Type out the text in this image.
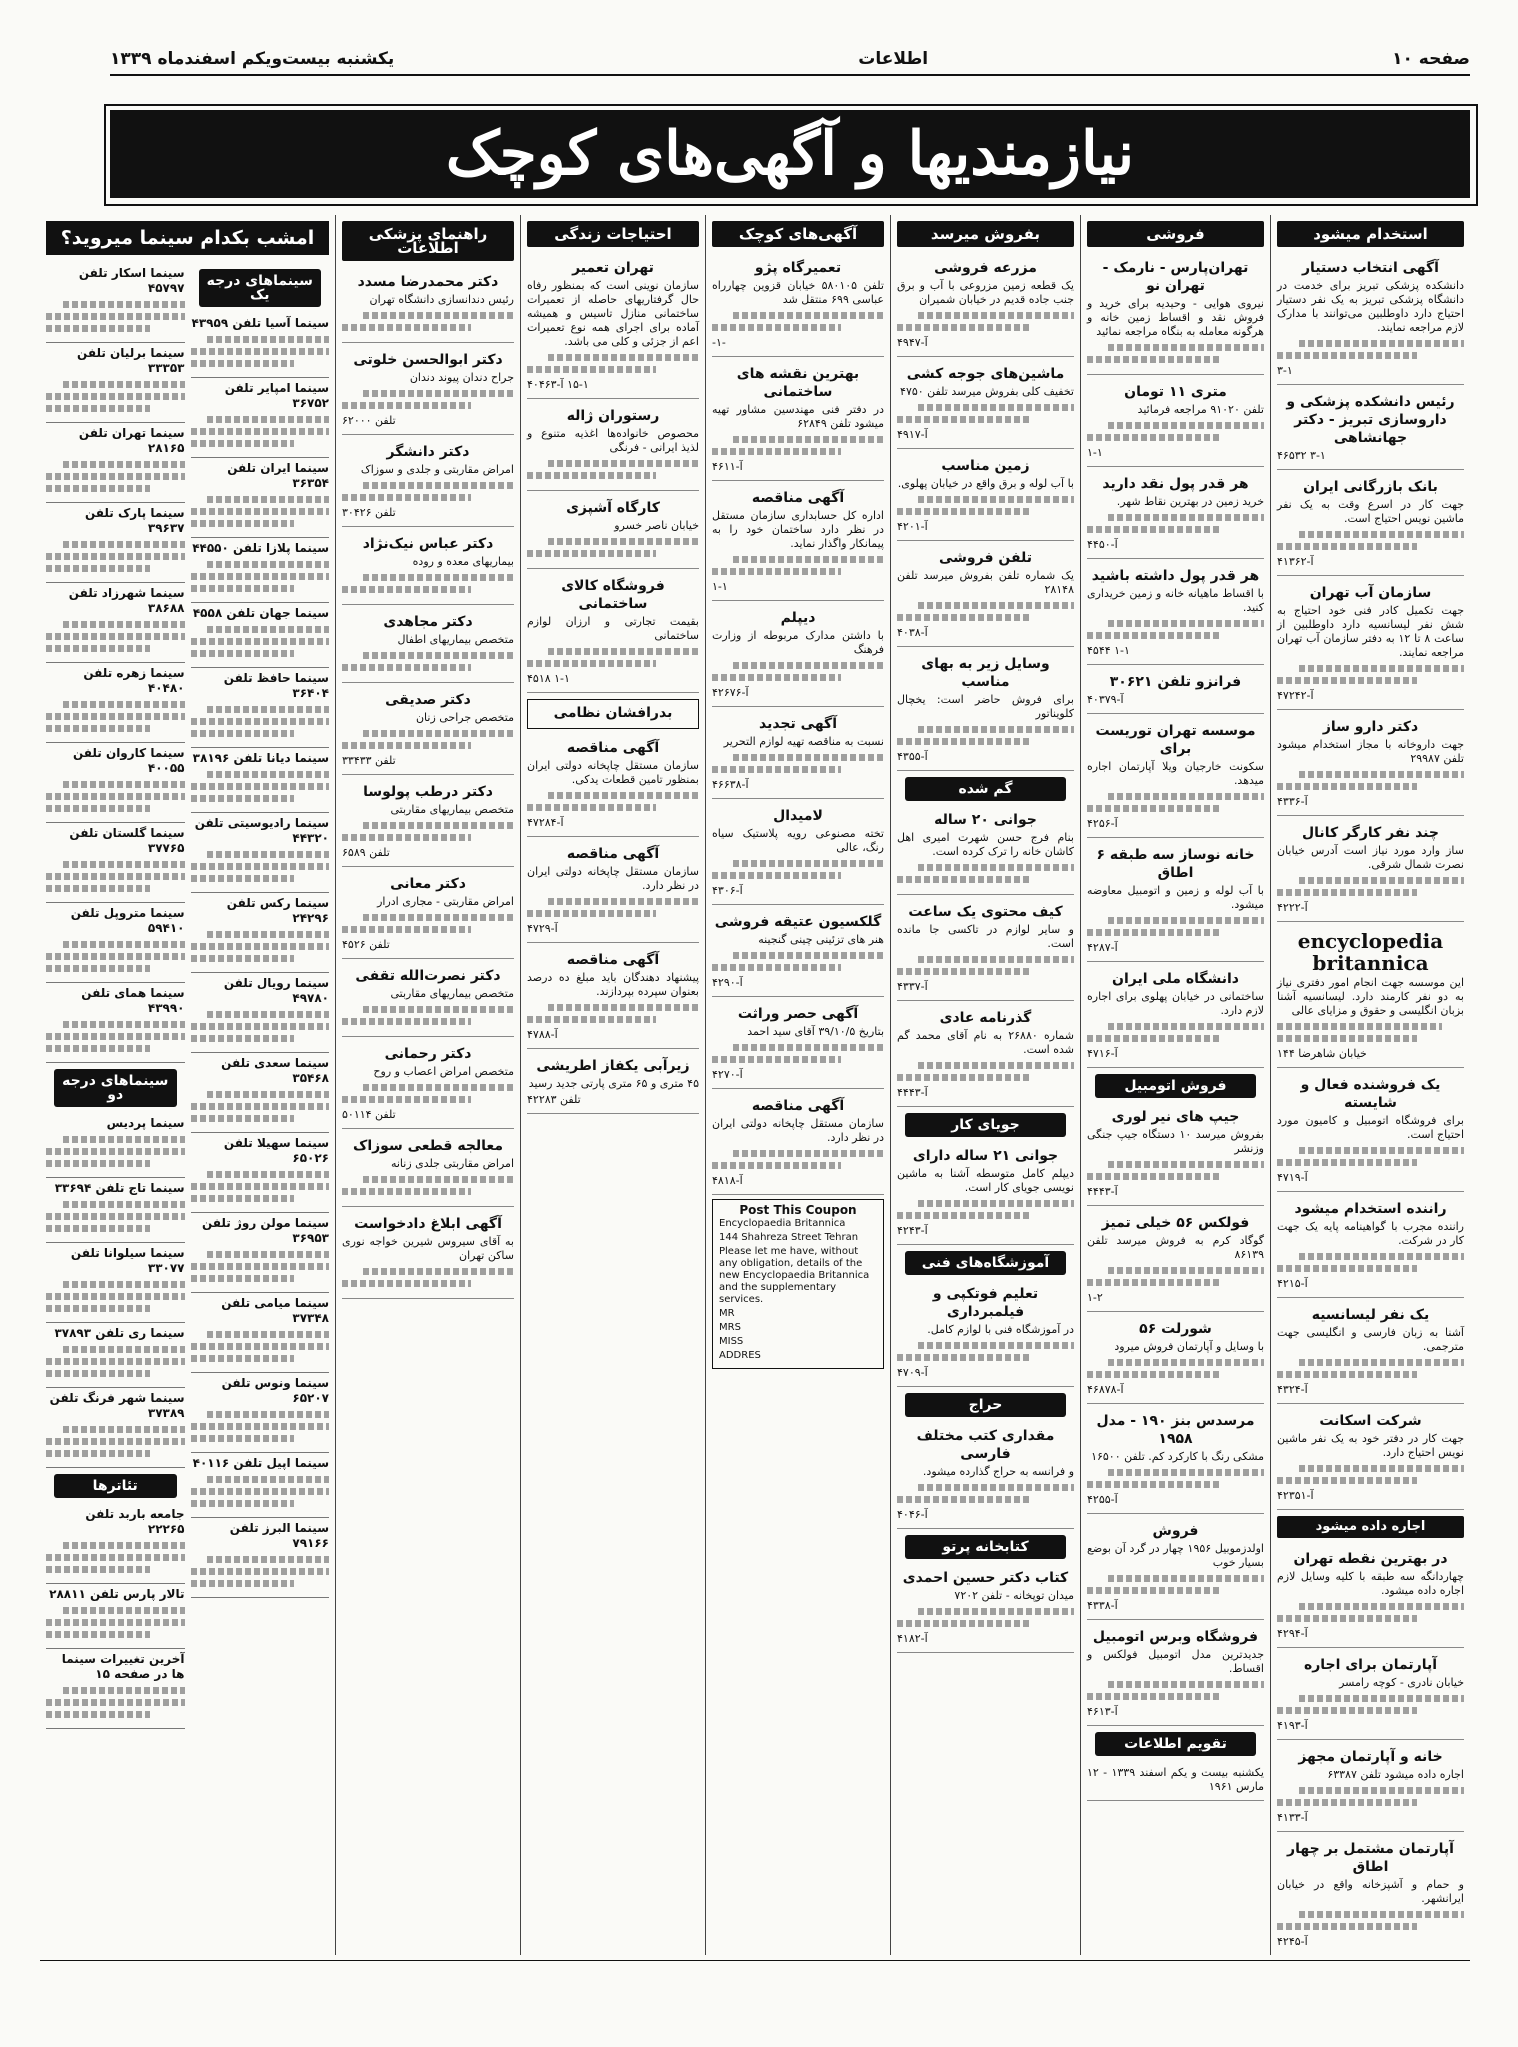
صفحه ۱۰
اطلاعات
یکشنبه بیست‌و‌یکم اسفندماه ۱۳۳۹
نیازمندیها و آگهی‌های کوچک
استخدام میشود
آگهی انتخاب دستیار
دانشکده پزشکی تبریز برای خدمت در دانشگاه پزشکی تبریز به یک نفر دستیار احتیاج دارد داوطلبین می‌توانند با مدارک لازم مراجعه نمایند.
۳-۱
رئیس دانشکده پزشکی و داروسازی تبریز - دکتر جهانشاهی
۳-۱ ۴۶۵۳۲
بانک بازرگانی ایران
جهت کار در اسرع وقت به یک نفر ماشین نویس احتیاج است.
آ-۴۱۳۶۲
سازمان آب تهران
جهت تکمیل کادر فنی خود احتیاج به شش نفر لیسانسیه دارد داوطلبین از ساعت ۸ تا ۱۲ به دفتر سازمان آب تهران مراجعه نمایند.
آ-۴۷۲۴۲
دکتر دارو ساز
جهت داروخانه با مجاز استخدام میشود تلفن ۲۹۹۸۷
آ-۴۳۳۶
چند نفر کارگر کانال
ساز وارد مورد نیاز است آدرس خیابان نصرت شمال شرقی.
آ-۴۲۲۲
encyclopedia britannica
این موسسه جهت انجام امور دفتری نیاز به دو نفر کارمند دارد. لیسانسیه آشنا بزبان انگلیسی و حقوق و مزایای عالی
۱۴۴ خیابان شاهرضا
یک فروشنده فعال و شایسته
برای فروشگاه اتومبیل و کامیون مورد احتیاج است.
آ-۴۷۱۹
راننده استخدام میشود
راننده مجرب با گواهینامه پایه یک جهت کار در شرکت.
آ-۴۲۱۵
یک نفر لیسانسیه
آشنا به زبان فارسی و انگلیسی جهت مترجمی.
آ-۴۳۲۴
شرکت اسکانت
جهت کار در دفتر خود به یک نفر ماشین نویس احتیاج دارد.
آ-۴۲۳۵۱
اجاره داده میشود
در بهترین نقطه تهران
چهاردانگه سه طبقه با کلیه وسایل لازم اجاره داده میشود.
آ-۴۲۹۴
آپارتمان برای اجاره
خیابان نادری - کوچه رامسر
آ-۴۱۹۳
خانه و آپارتمان مجهز
اجاره داده میشود تلفن ۶۳۳۸۷
آ-۴۱۳۳
آپارتمان مشتمل بر چهار اطاق
و حمام و آشپزخانه واقع در خیابان ایرانشهر.
آ-۴۲۴۵
فروشی
تهران‌پارس - نارمک - تهران نو
نیروی هوایی - وحیدیه برای خرید و فروش نقد و اقساط زمین خانه و هرگونه معامله به بنگاه مراجعه نمائید
متری ۱۱ تومان
تلفن ۹۱۰۲۰ مراجعه فرمائید
۱-۱
هر قدر پول نقد دارید
خرید زمین در بهترین نقاط شهر.
آ-۴۴۵۰
هر قدر پول داشته باشید
با اقساط ماهیانه خانه و زمین خریداری کنید.
۱-۱ ۴۵۴۴
فرانزو تلفن ۳۰۶۲۱
آ-۴۰۳۷۹
موسسه تهران توریست برای
سکونت خارجیان ویلا آپارتمان اجاره میدهد.
آ-۴۲۵۶
خانه نوساز سه طبقه ۶ اطاق
با آب لوله و زمین و اتومبیل معاوضه میشود.
آ-۴۲۸۷
دانشگاه ملی ایران
ساختمانی در خیابان پهلوی برای اجاره لازم دارد.
آ-۴۷۱۶
فروش اتومبیل
جیپ های نیر لوری
بفروش میرسد ۱۰ دستگاه جیپ جنگی وزنشر
آ-۴۴۴۳
فولکس ۵۶ خیلی تمیز
گوگاد کرم به فروش میرسد تلفن ۸۶۱۳۹
۱-۲
شورلت ۵۶
با وسایل و آپارتمان فروش میرود
آ-۴۶۸۷۸
مرسدس بنز ۱۹۰ - مدل ۱۹۵۸
مشکی رنگ با کارکرد کم. تلفن ۱۶۵۰۰
آ-۴۲۵۵
فروش
اولدزموبیل ۱۹۵۶ چهار در گرد آن بوضع بسیار خوب
آ-۴۳۳۸
فروشگاه وبرس اتومبیل
جدیدترین مدل اتومبیل فولکس و اقساط.
آ-۴۶۱۳
تقویم اطلاعات
یکشنبه بیست و یکم اسفند ۱۳۳۹ - ۱۲ مارس ۱۹۶۱
بفروش میرسد
مزرعه فروشی
یک قطعه زمین مزروعی با آب و برق جنب جاده قدیم در خیابان شمیران
آ-۴۹۴۷
ماشین‌های جوجه کشی
تخفیف کلی بفروش میرسد تلفن ۴۷۵۰
آ-۴۹۱۷
زمین مناسب
با آب لوله و برق واقع در خیابان پهلوی.
آ-۴۲۰۱
تلفن فروشی
یک شماره تلفن بفروش میرسد تلفن ۲۸۱۴۸
آ-۴۰۳۸
وسایل زیر به بهای مناسب
برای فروش حاضر است: یخچال کلویناتور
آ-۴۳۵۵
گم شده
جوانی ۲۰ ساله
بنام فرج حسن شهرت امیری اهل کاشان خانه را ترک کرده است.
کیف محتوی یک ساعت
و سایر لوازم در تاکسی جا مانده است.
آ-۴۳۳۷
گذرنامه عادی
شماره ۲۶۸۸۰ به نام آقای محمد گم شده است.
آ-۴۴۴۳
جویای کار
جوانی ۲۱ ساله دارای
دیپلم کامل متوسطه آشنا به ماشین نویسی جویای کار است.
آ-۴۲۴۳
آموزشگاه‌های فنی
تعلیم فوتکپی و فیلمبرداری
در آموزشگاه فنی با لوازم کامل.
آ-۴۷۰۹
حراج
مقداری کتب مختلف فارسی
و فرانسه به حراج گذارده میشود.
آ-۴۰۴۶
کتابخانه پرتو
کتاب دکتر حسین احمدی
میدان توپخانه - تلفن ۷۲۰۲
آ-۴۱۸۲
آگهی‌های کوچک
تعمیرگاه پژو
تلفن ۵۸۰۱۰۵ خیابان قزوین چهارراه عباسی ۶۹۹ منتقل شد
-۱-
بهترین نقشه های ساختمانی
در دفتر فنی مهندسین مشاور تهیه میشود تلفن ۶۲۸۴۹
آ-۴۶۱۱
آگهی مناقصه
اداره کل حسابداری سازمان مستقل در نظر دارد ساختمان خود را به پیمانکار واگذار نماید.
۱-۱
دیپلم
با داشتن مدارک مربوطه از وزارت فرهنگ
آ-۴۲۶۷۶
آگهی تجدید
نسبت به مناقصه تهیه لوازم التحریر
آ-۴۶۶۳۸
لامیدال
تخته مصنوعی رویه پلاستیک سیاه رنگ، عالی
آ-۴۳۰۶
گلکسیون عتیقه فروشی
هنر های تزئینی چینی گنجینه
آ-۴۲۹۰
آگهی حصر وراثت
بتاریخ ۳۹/۱۰/۵ آقای سید احمد
آ-۴۲۷۰
آگهی مناقصه
سازمان مستقل چاپخانه دولتی ایران در نظر دارد.
آ-۴۸۱۸
Post This Coupon
Encyclopaedia Britannica
144 Shahreza Street Tehran
Please let me have, without any obligation, details of the new Encyclopaedia Britannica and the supplementary services.
MR
MRS
MISS
ADDRES
احتیاجات زندگی
تهران تعمیر
سازمان نوینی است که بمنظور رفاه حال گرفتاریهای حاصله از تعمیرات ساختمانی منازل تاسیس و همیشه آماده برای اجرای همه نوع تعمیرات اعم از جزئی و کلی می باشد.
۱۵-۱ آ-۴۰۴۶۳
رستوران ژاله
محصوص خانواده‌ها اغذیه متنوع و لذیذ ایرانی - فرنگی
کارگاه آشپزی
خیابان ناصر خسرو
فروشگاه کالای ساختمانی
بقیمت تجارتی و ارزان لوازم ساختمانی
۱-۱ ۴۵۱۸
بدرافشان نظامی
آگهی مناقصه
سازمان مستقل چاپخانه دولتی ایران بمنظور تامین قطعات یدکی.
آ-۴۷۲۸۴
آگهی مناقصه
سازمان مستقل چاپخانه دولتی ایران در نظر دارد.
آ-۴۷۲۹
آگهی مناقصه
پیشنهاد دهندگان باید مبلغ ده درصد بعنوان سپرده بپردازند.
آ-۴۷۸۸
زیرآبی یکفاز اطریشی
۴۵ متری و ۶۵ متری پارتی جدید رسید
تلفن ۴۲۲۸۳
راهنمای پزشکی اطلاعات
دکتر محمدرضا مسدد
رئیس دندانسازی دانشگاه تهران
دکتر ابوالحسن خلوتی
جراح دندان پیوند دندان
تلفن ۶۲۰۰۰
دکتر دانشگر
امراض مقاربتی و جلدی و سوزاک
تلفن ۳۰۴۲۶
دکتر عباس نیک‌نژاد
بیماریهای معده و روده
دکتر مجاهدی
متخصص بیماریهای اطفال
دکتر صدیقی
متخصص جراحی زنان
تلفن ۳۳۴۳۳
دکتر درطب پولوسا
متخصص بیماریهای مقاربتی
تلفن ۶۵۸۹
دکتر معانی
امراض مقاربتی - مجاری ادرار
تلفن ۴۵۲۶
دکتر نصرت‌الله تقفی
متخصص بیماریهای مقاربتی
دکتر رحمانی
متخصص امراض اعصاب و روح
تلفن ۵۰۱۱۴
معالجه قطعی سوزاک
امراض مقاربتی جلدی زنانه
آگهی ابلاغ دادخواست
به آقای سیروس شیرین خواجه نوری ساکن تهران
امشب بکدام سینما میروید؟
سینماهای درجه یک
سینما آسیا تلفن ۴۳۹۵۹
سینما امپایر تلفن ۳۶۷۵۲
سینما ایران تلفن ۳۶۳۵۴
سینما پلازا تلفن ۴۴۵۵۰
سینما جهان تلفن ۴۵۵۸
سینما حافظ تلفن ۳۶۴۰۴
سینما دیانا تلفن ۳۸۱۹۶
سینما رادیو‌سیتی تلفن ۴۴۳۲۰
سینما رکس تلفن ۲۴۲۹۶
سینما رویال تلفن ۴۹۷۸۰
سینما سعدی تلفن ۳۵۴۶۸
سینما سهیلا تلفن ۶۵۰۲۶
سینما مولن روژ تلفن ۳۶۹۵۳
سینما میامی تلفن ۳۷۳۴۸
سینما ونوس تلفن ۶۵۲۰۷
سینما اپیل تلفن ۴۰۱۱۶
سینما البرز تلفن ۷۹۱۶۶
سینما اسکار تلفن ۴۵۷۹۷
سینما برلیان تلفن ۳۳۳۵۳
سینما تهران تلفن ۲۸۱۶۵
سینما پارک تلفن ۳۹۶۳۷
سینما شهرزاد تلفن ۳۸۶۸۸
سینما زهره تلفن ۴۰۴۸۰
سینما کاروان تلفن ۴۰۰۵۵
سینما گلستان تلفن ۳۷۷۶۵
سینما متروپل تلفن ۵۹۴۱۰
سینما همای تلفن ۴۳۹۹۰
سینماهای درجه دو
سینما پردیس
سینما تاج تلفن ۳۳۶۹۴
سینما سیلوانا تلفن ۳۳۰۷۷
سینما ری تلفن ۳۷۸۹۳
سینما شهر فرنگ تلفن ۳۷۳۸۹
تئاترها
جامعه باربد تلفن ۲۲۲۶۵
تالار پارس تلفن ۲۸۸۱۱
آخرین تغییرات سینما ها در صفحه ۱۵
